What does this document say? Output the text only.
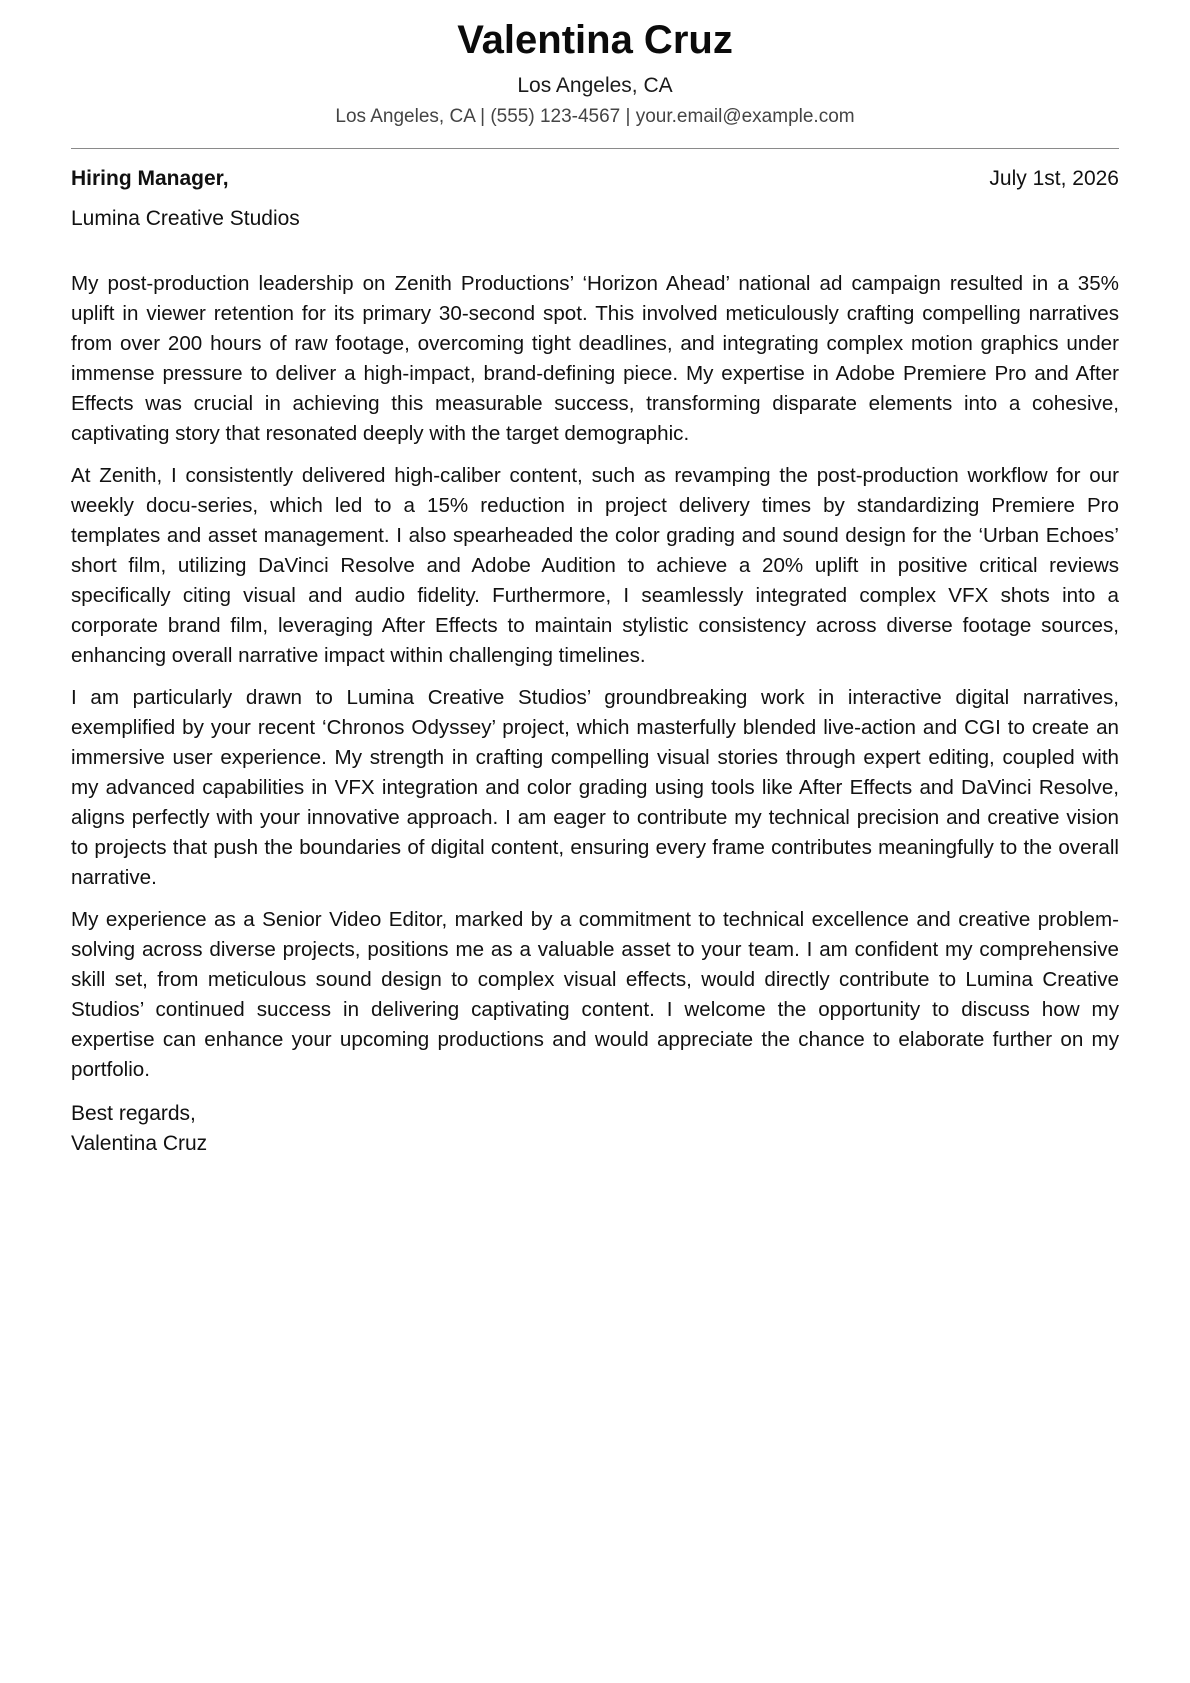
Valentina Cruz
Los Angeles, CA
Los Angeles, CA | (555) 123-4567 | your.email@example.com
Hiring Manager,	July 1st, 2026
Lumina Creative Studios

My post-production leadership on Zenith Productions’ ‘Horizon Ahead’ national ad campaign resulted in a 35% uplift in viewer retention for its primary 30-second spot. This involved meticulously crafting compelling narratives from over 200 hours of raw footage, overcoming tight deadlines, and integrating complex motion graphics under immense pressure to deliver a high-impact, brand-defining piece. My expertise in Adobe Premiere Pro and After Effects was crucial in achieving this measurable success, transforming disparate elements into a cohesive, captivating story that resonated deeply with the target demographic.

At Zenith, I consistently delivered high-caliber content, such as revamping the post-production workflow for our weekly docu-series, which led to a 15% reduction in project delivery times by standardizing Premiere Pro templates and asset management. I also spearheaded the color grading and sound design for the ‘Urban Echoes’ short film, utilizing DaVinci Resolve and Adobe Audition to achieve a 20% uplift in positive critical reviews specifically citing visual and audio fidelity. Furthermore, I seamlessly integrated complex VFX shots into a corporate brand film, leveraging After Effects to maintain stylistic consistency across diverse footage sources, enhancing overall narrative impact within challenging timelines.

I am particularly drawn to Lumina Creative Studios’ groundbreaking work in interactive digital narratives, exemplified by your recent ‘Chronos Odyssey’ project, which masterfully blended live-action and CGI to create an immersive user experience. My strength in crafting compelling visual stories through expert editing, coupled with my advanced capabilities in VFX integration and color grading using tools like After Effects and DaVinci Resolve, aligns perfectly with your innovative approach. I am eager to contribute my technical precision and creative vision to projects that push the boundaries of digital content, ensuring every frame contributes meaningfully to the overall narrative.

My experience as a Senior Video Editor, marked by a commitment to technical excellence and creative problem-solving across diverse projects, positions me as a valuable asset to your team. I am confident my comprehensive skill set, from meticulous sound design to complex visual effects, would directly contribute to Lumina Creative Studios’ continued success in delivering captivating content. I welcome the opportunity to discuss how my expertise can enhance your upcoming productions and would appreciate the chance to elaborate further on my portfolio.

Best regards,
Valentina Cruz
